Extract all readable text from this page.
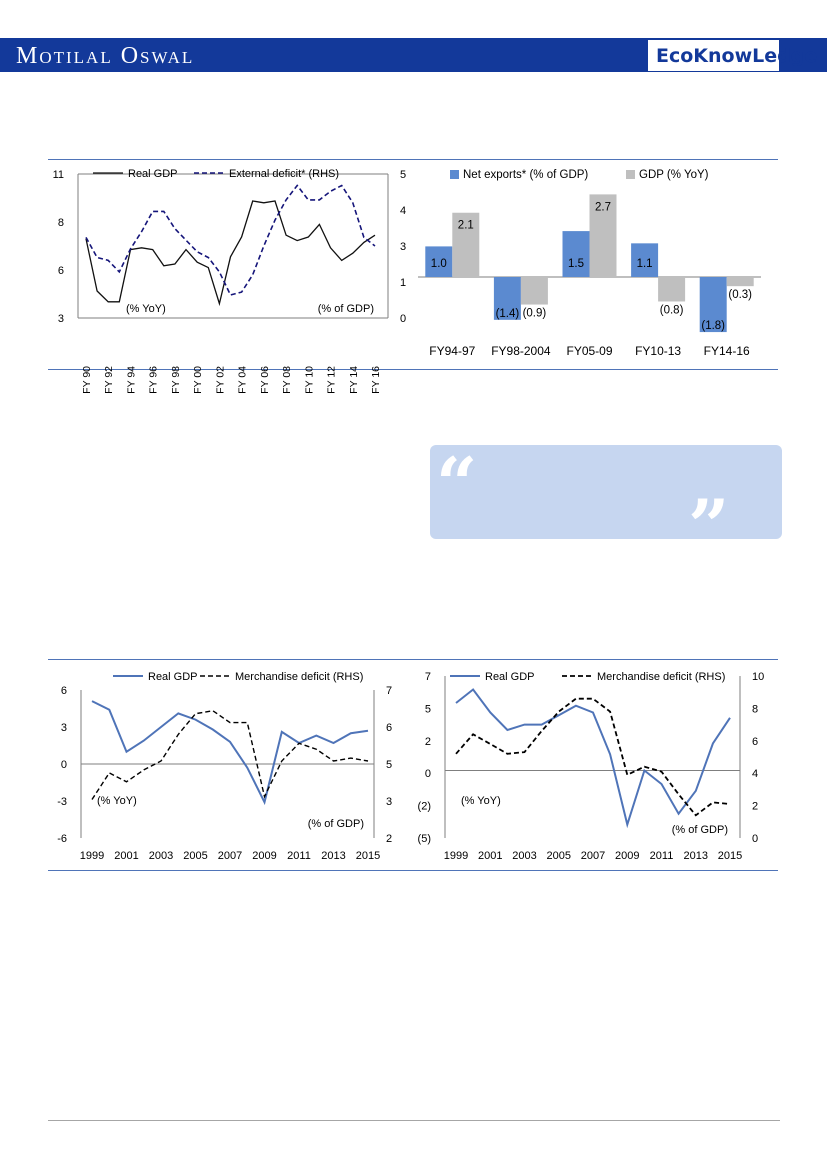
Motilal Oswal	EcoKnowLedge
11
8
6
3
5
4
3
1
0
FY 90 FY 92 FY 94 FY 96 FY 98 FY 00 FY 02 FY 04 FY 06 FY 08 FY 10 FY 12 FY 14 FY 16
Real GDP	External deficit* (RHS)
(% YoY)	(% of GDP)
1.0
(1.4)
1.5	1.1
(1.8)
2.1
(0.9)
2.7
(0.8)
(0.3)
FY94-97 FY98-2004 FY05-09 FY10-13 FY14-16
Net exports* (% of GDP)	GDP (% YoY)
“	”
6
3
0
-3
-6
7
6
5
3
2
1999 2001 2003 2005 2007 2009 2011 2013 2015
Real GDP	Merchandise deficit (RHS)
(% YoY)
(% of GDP)
7
5
2
0
(2)
(5)
10
8
6
4
2
0
1999 2001 2003 2005 2007 2009 2011 2013 2015
Real GDP	Merchandise deficit (RHS)
(% YoY)
(% of GDP)
